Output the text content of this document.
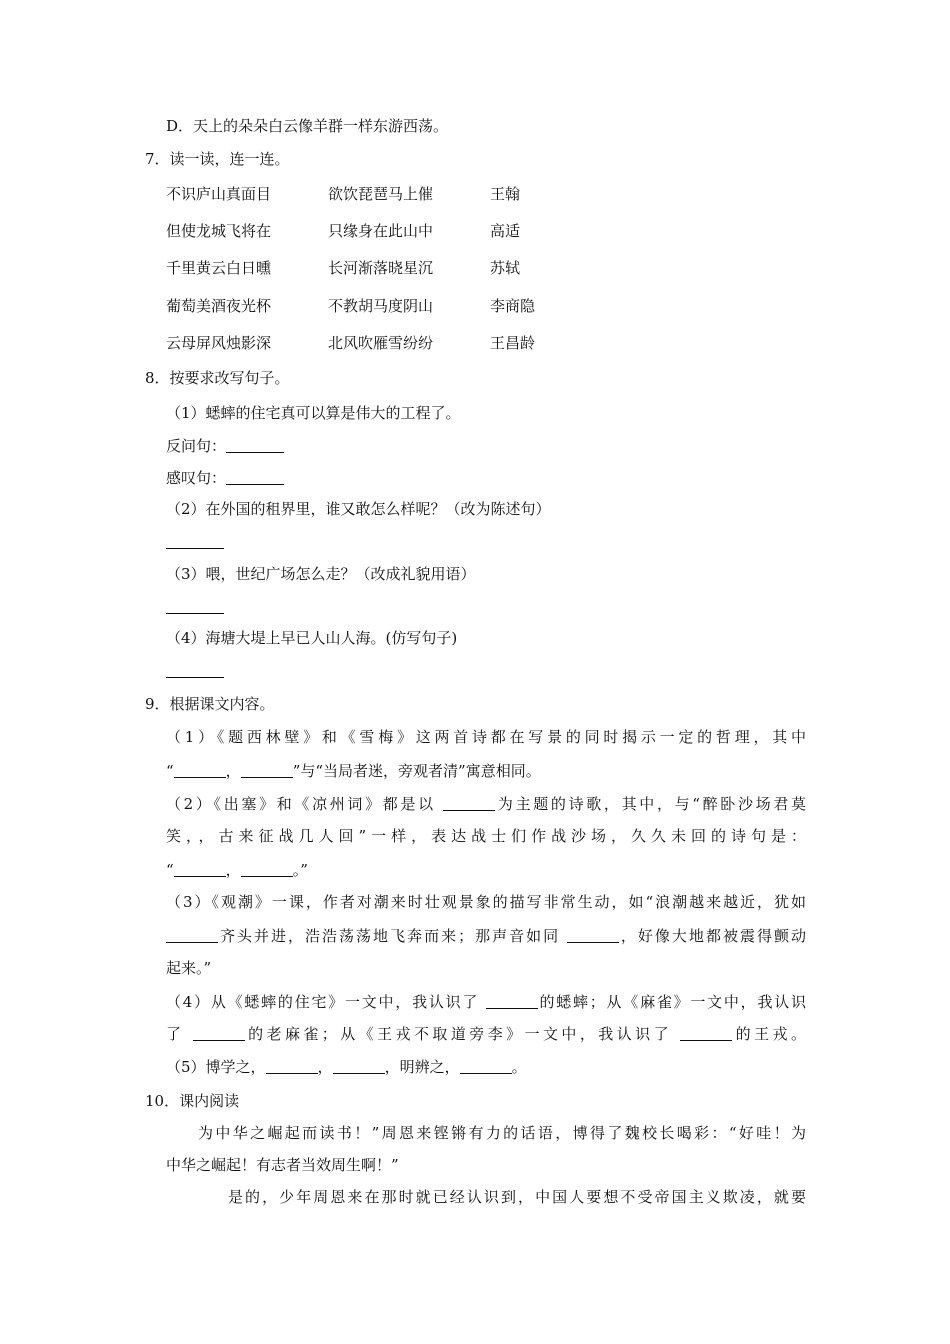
D．天上的朵朵白云像羊群一样东游西荡。
7．读一读，连一连。
不识庐山真面目	欲饮琵琶马上催	王翰
但使龙城飞将在	只缘身在此山中	高适
千里黄云白日曛	长河渐落晓星沉	苏轼
葡萄美酒夜光杯	不教胡马度阴山	李商隐
云母屏风烛影深	北风吹雁雪纷纷	王昌龄
8．按要求改写句子。
（1）蟋蟀的住宅真可以算是伟大的工程了。
反问句：
感叹句：
（2）在外国的租界里，谁又敢怎么样呢？（改为陈述句）
（3）喂，世纪广场怎么走？（改成礼貌用语）
（4）海塘大堤上早已人山人海。(仿写句子)
9．根据课文内容。
（1）《题西林壁》和《雪梅》这两首诗都在写景的同时揭示一定的哲理，其中
“	，	”与“当局者迷，旁观者清”寓意相同。
（2）《出塞》和《凉州词》都是以	为主题的诗歌，其中，与“醉卧沙场君莫
笑，，古来征战几人回”一样，表达战士们作战沙场，久久未回的诗句是：
“	，	。”
（3）《观潮》一课，作者对潮来时壮观景象的描写非常生动，如“浪潮越来越近，犹如
齐头并进，浩浩荡荡地飞奔而来；那声音如同	，好像大地都被震得颤动
起来。”
（4）从《蟋蟀的住宅》一文中，我认识了	的蟋蟀；从《麻雀》一文中，我认识
了	的老麻雀；从《王戎不取道旁李》一文中，我认识了	的王戎。
（5）博学之，	，	，明辨之，	。
10．课内阅读
为中华之崛起而读书！”周恩来铿锵有力的话语，博得了魏校长喝彩：“好哇！为
中华之崛起！有志者当效周生啊！”
是的，少年周恩来在那时就已经认识到，中国人要想不受帝国主义欺凌，就要
